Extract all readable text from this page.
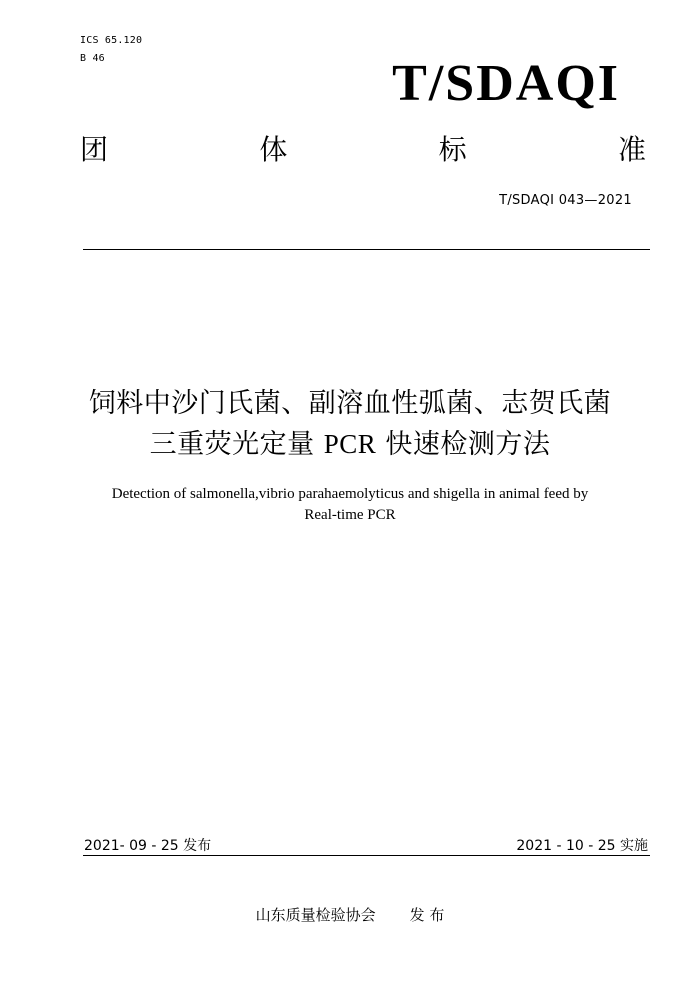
ICS 65.120
B 46	T/SDAQI
团	体	标	准
T/SDAQI 043—2021
饲料中沙门氏菌、副溶血性弧菌、志贺氏菌
三重荧光定量 PCR 快速检测方法
Detection of salmonella,vibrio parahaemolyticus and shigella in animal feed by
Real-time PCR
2021- 09 - 25 发布	2021 - 10 - 25 实施
山东质量检验协会 发 布
